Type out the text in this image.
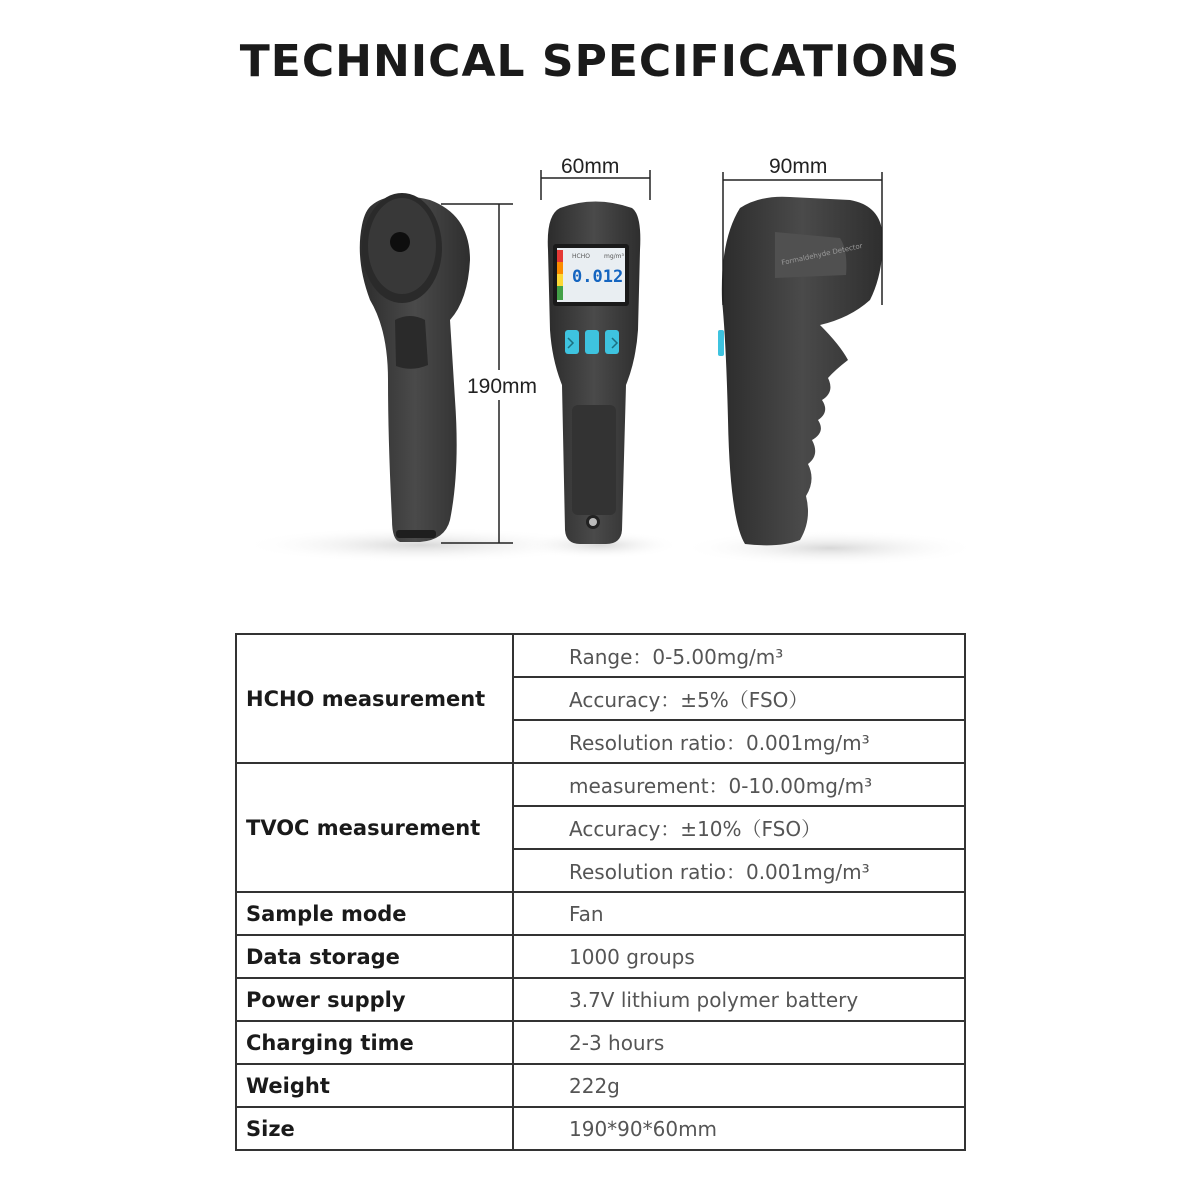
TECHNICAL SPECIFICATIONS
HCHO mg/m³
0.012
Formaldehyde Detector
190mm
60mm	90mm
HCHO measurement	Range：0-5.00mg/m³
	Accuracy：±5%（FSO）
	Resolution ratio：0.001mg/m³
TVOC measurement	measurement：0-10.00mg/m³
	Accuracy：±10%（FSO）
	Resolution ratio：0.001mg/m³
Sample mode	Fan
Data storage	1000 groups
Power supply	3.7V lithium polymer battery
Charging time	2-3 hours
Weight	222g
Size	190*90*60mm
